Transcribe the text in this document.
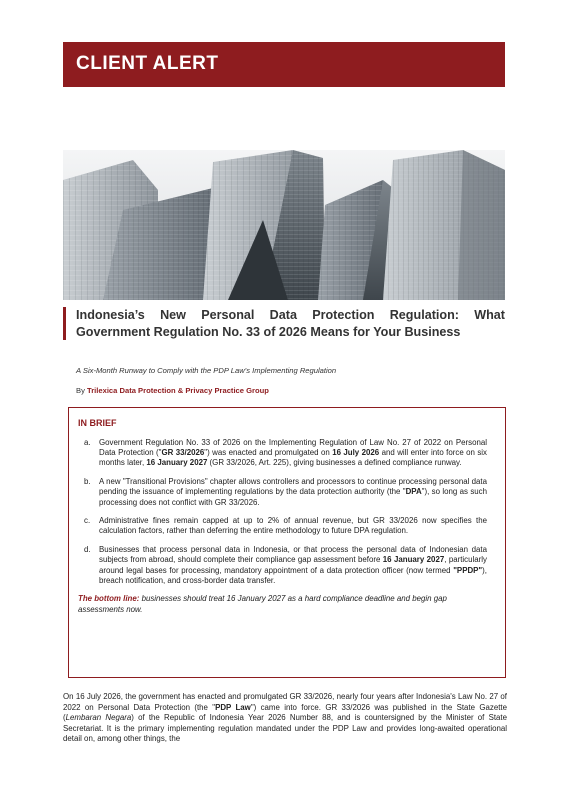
CLIENT ALERT
Indonesia’s New Personal Data Protection Regulation: What Government Regulation No. 33 of 2026 Means for Your Business
A Six-Month Runway to Comply with the PDP Law’s Implementing Regulation
By Trilexica Data Protection & Privacy Practice Group
IN BRIEF
a. Government Regulation No. 33 of 2026 on the Implementing Regulation of Law No. 27 of 2022 on Personal Data Protection ("GR 33/2026") was enacted and promulgated on 16 July 2026 and will enter into force on six months later, 16 January 2027 (GR 33/2026, Art. 225), giving businesses a defined compliance runway.
b. A new "Transitional Provisions" chapter allows controllers and processors to continue processing personal data pending the issuance of implementing regulations by the data protection authority (the "DPA"), so long as such processing does not conflict with GR 33/2026.
c. Administrative fines remain capped at up to 2% of annual revenue, but GR 33/2026 now specifies the calculation factors, rather than deferring the entire methodology to future DPA regulation.
d. Businesses that process personal data in Indonesia, or that process the personal data of Indonesian data subjects from abroad, should complete their compliance gap assessment before 16 January 2027, particularly around legal bases for processing, mandatory appointment of a data protection officer (now termed "PPDP"), breach notification, and cross-border data transfer.

The bottom line: businesses should treat 16 January 2027 as a hard compliance deadline and begin gap assessments now.

On 16 July 2026, the government has enacted and promulgated GR 33/2026, nearly four years after Indonesia's Law No. 27 of 2022 on Personal Data Protection (the "PDP Law") came into force. GR 33/2026 was published in the State Gazette (Lembaran Negara) of the Republic of Indonesia Year 2026 Number 88, and is countersigned by the Minister of State Secretariat. It is the primary implementing regulation mandated under the PDP Law and provides long-awaited operational detail on, among other things, the
